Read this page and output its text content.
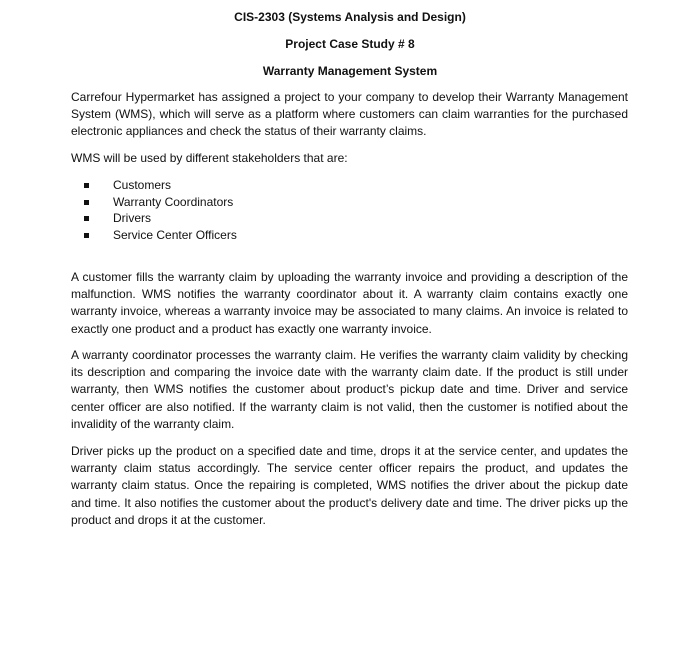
CIS-2303 (Systems Analysis and Design)
Project Case Study # 8
Warranty Management System

Carrefour Hypermarket has assigned a project to your company to develop their Warranty Management System (WMS), which will serve as a platform where customers can claim warranties for the purchased electronic appliances and check the status of their warranty claims.

WMS will be used by different stakeholders that are:

Customers
Warranty Coordinators
Drivers
Service Center Officers

A customer fills the warranty claim by uploading the warranty invoice and providing a description of the malfunction. WMS notifies the warranty coordinator about it. A warranty claim contains exactly one warranty invoice, whereas a warranty invoice may be associated to many claims. An invoice is related to exactly one product and a product has exactly one warranty invoice.

A warranty coordinator processes the warranty claim. He verifies the warranty claim validity by checking its description and comparing the invoice date with the warranty claim date. If the product is still under warranty, then WMS notifies the customer about product’s pickup date and time. Driver and service center officer are also notified. If the warranty claim is not valid, then the customer is notified about the invalidity of the warranty claim.

Driver picks up the product on a specified date and time, drops it at the service center, and updates the warranty claim status accordingly. The service center officer repairs the product, and updates the warranty claim status. Once the repairing is completed, WMS notifies the driver about the pickup date and time. It also notifies the customer about the product's delivery date and time. The driver picks up the product and drops it at the customer.
